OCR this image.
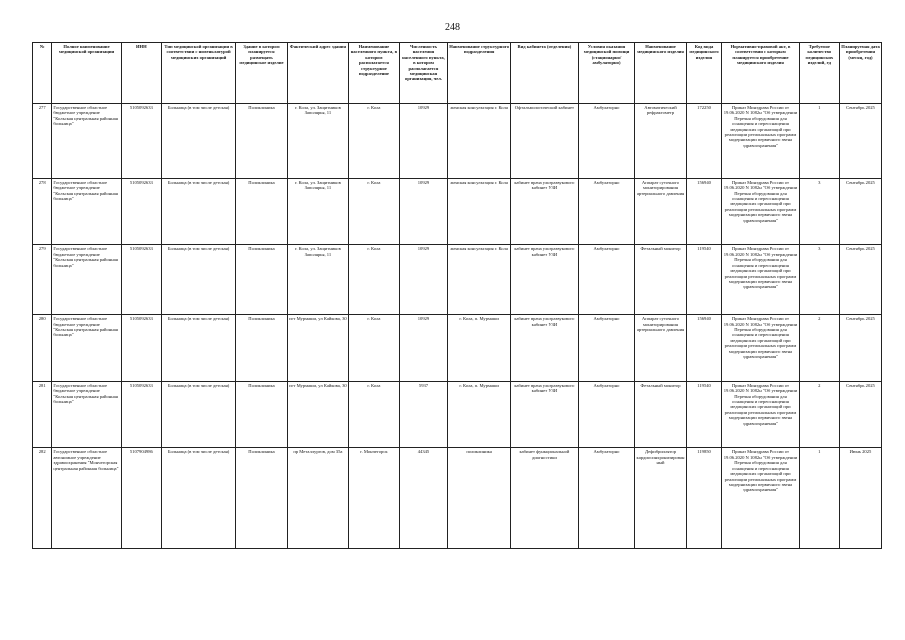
248
№	Полное наименование медицинской организации	ИНН	Тип медицинской организации в соответствии с номенклатурой медицинских организаций	Здание в котором планируется размещать медицинское изделие	Фактический адрес здания	Наименование населенного пункта, в котором располагается структурное подразделение	Численность населения населенного пункта, в котором располагается медицинская организация, чел.	Наименование структурного подразделения	Вид кабинета (отделения)	Условия оказания медицинской помощи (стационарно/амбулаторно)	Наименование медицинского изделия	Код вида медицинского изделия	Нормативно-правовой акт, в соответствии с которым планируется приобретение медицинского изделия	Требуемое количество медицинских изделий, ед	Планируемая дата приобретения (месяц, год)
277	Государственное областное бюджетное учреждение "Кольская центральная районная больница"	5105092633	Больница (в том числе детская)	Поликлиника	г. Кола, ул. Защитников Заполярья, 11	г. Кола	10929	женская консультация г. Кола	Офтальмологический кабинет	Амбулаторно	Автоматический рефрактометр	172250	Приказ Минздрава России от 19.06.2020 N 1082н "Об утверждении Перечня оборудования для оснащения и переоснащения медицинских организаций при реализации региональных программ модернизации первичного звена здравоохранения"	1	Сентябрь 2025
278	Государственное областное бюджетное учреждение "Кольская центральная районная больница"	5105092633	Больница (в том числе детская)	Поликлиника	г. Кола, ул. Защитников Заполярья, 11	г. Кола	10929	женская консультация г. Кола	кабинет врача ультразвукового кабинет УЗИ	Амбулаторно	Аппарат суточного мониторирования артериального давления	156940	Приказ Минздрава России от 19.06.2020 N 1082н "Об утверждении Перечня оборудования для оснащения и переоснащения медицинских организаций при реализации региональных программ модернизации первичного звена здравоохранения"	3	Сентябрь 2025
279	Государственное областное бюджетное учреждение "Кольская центральная районная больница"	5105092633	Больница (в том числе детская)	Поликлиника	г. Кола, ул. Защитников Заполярья, 11	г. Кола	10929	женская консультация г. Кола	кабинет врача ультразвукового кабинет УЗИ	Амбулаторно	Фетальный монитор	119540	Приказ Минздрава России от 19.06.2020 N 1082н "Об утверждении Перечня оборудования для оснащения и переоснащения медицинских организаций при реализации региональных программ модернизации первичного звена здравоохранения"	3	Сентябрь 2025
280	Государственное областное бюджетное учреждение "Кольская центральная районная больница"	5105092633	Больница (в том числе детская)	Поликлиника	пгт Мурмаши, ул Кайкова, 30	г. Кола	10929	г. Кола, п. Мурмаши	кабинет врача ультразвукового кабинет УЗИ	Амбулаторно	Аппарат суточного мониторирования артериального давления	156940	Приказ Минздрава России от 19.06.2020 N 1082н "Об утверждении Перечня оборудования для оснащения и переоснащения медицинских организаций при реализации региональных программ модернизации первичного звена здравоохранения"	2	Сентябрь 2025
281	Государственное областное бюджетное учреждение "Кольская центральная районная больница"	5105092633	Больница (в том числе детская)	Поликлиника	пгт Мурмаши, ул Кайкова, 30	г. Кола	5937	г. Кола, п. Мурмаши	кабинет врача ультразвукового кабинет УЗИ	Амбулаторно	Фетальный монитор	119540	Приказ Минздрава России от 19.06.2020 N 1082н "Об утверждении Перечня оборудования для оснащения и переоснащения медицинских организаций при реализации региональных программ модернизации первичного звена здравоохранения"	2	Сентябрь 2025
282	Государственное областное автономное учреждение здравоохранения "Мончегорская центральная районная больница"	5107904986	Больница (в том числе детская)	Поликлиника	пр Металлургов, дом 35а	г. Мончегорск	44345	поликлиника	кабинет функциональной диагностики	Амбулаторно	Дефибриллятор кардиосинхронизированный	119850	Приказ Минздрава России от 19.06.2020 N 1082н "Об утверждении Перечня оборудования для оснащения и переоснащения медицинских организаций при реализации региональных программ модернизации первичного звена здравоохранения"	1	Июнь 2025
